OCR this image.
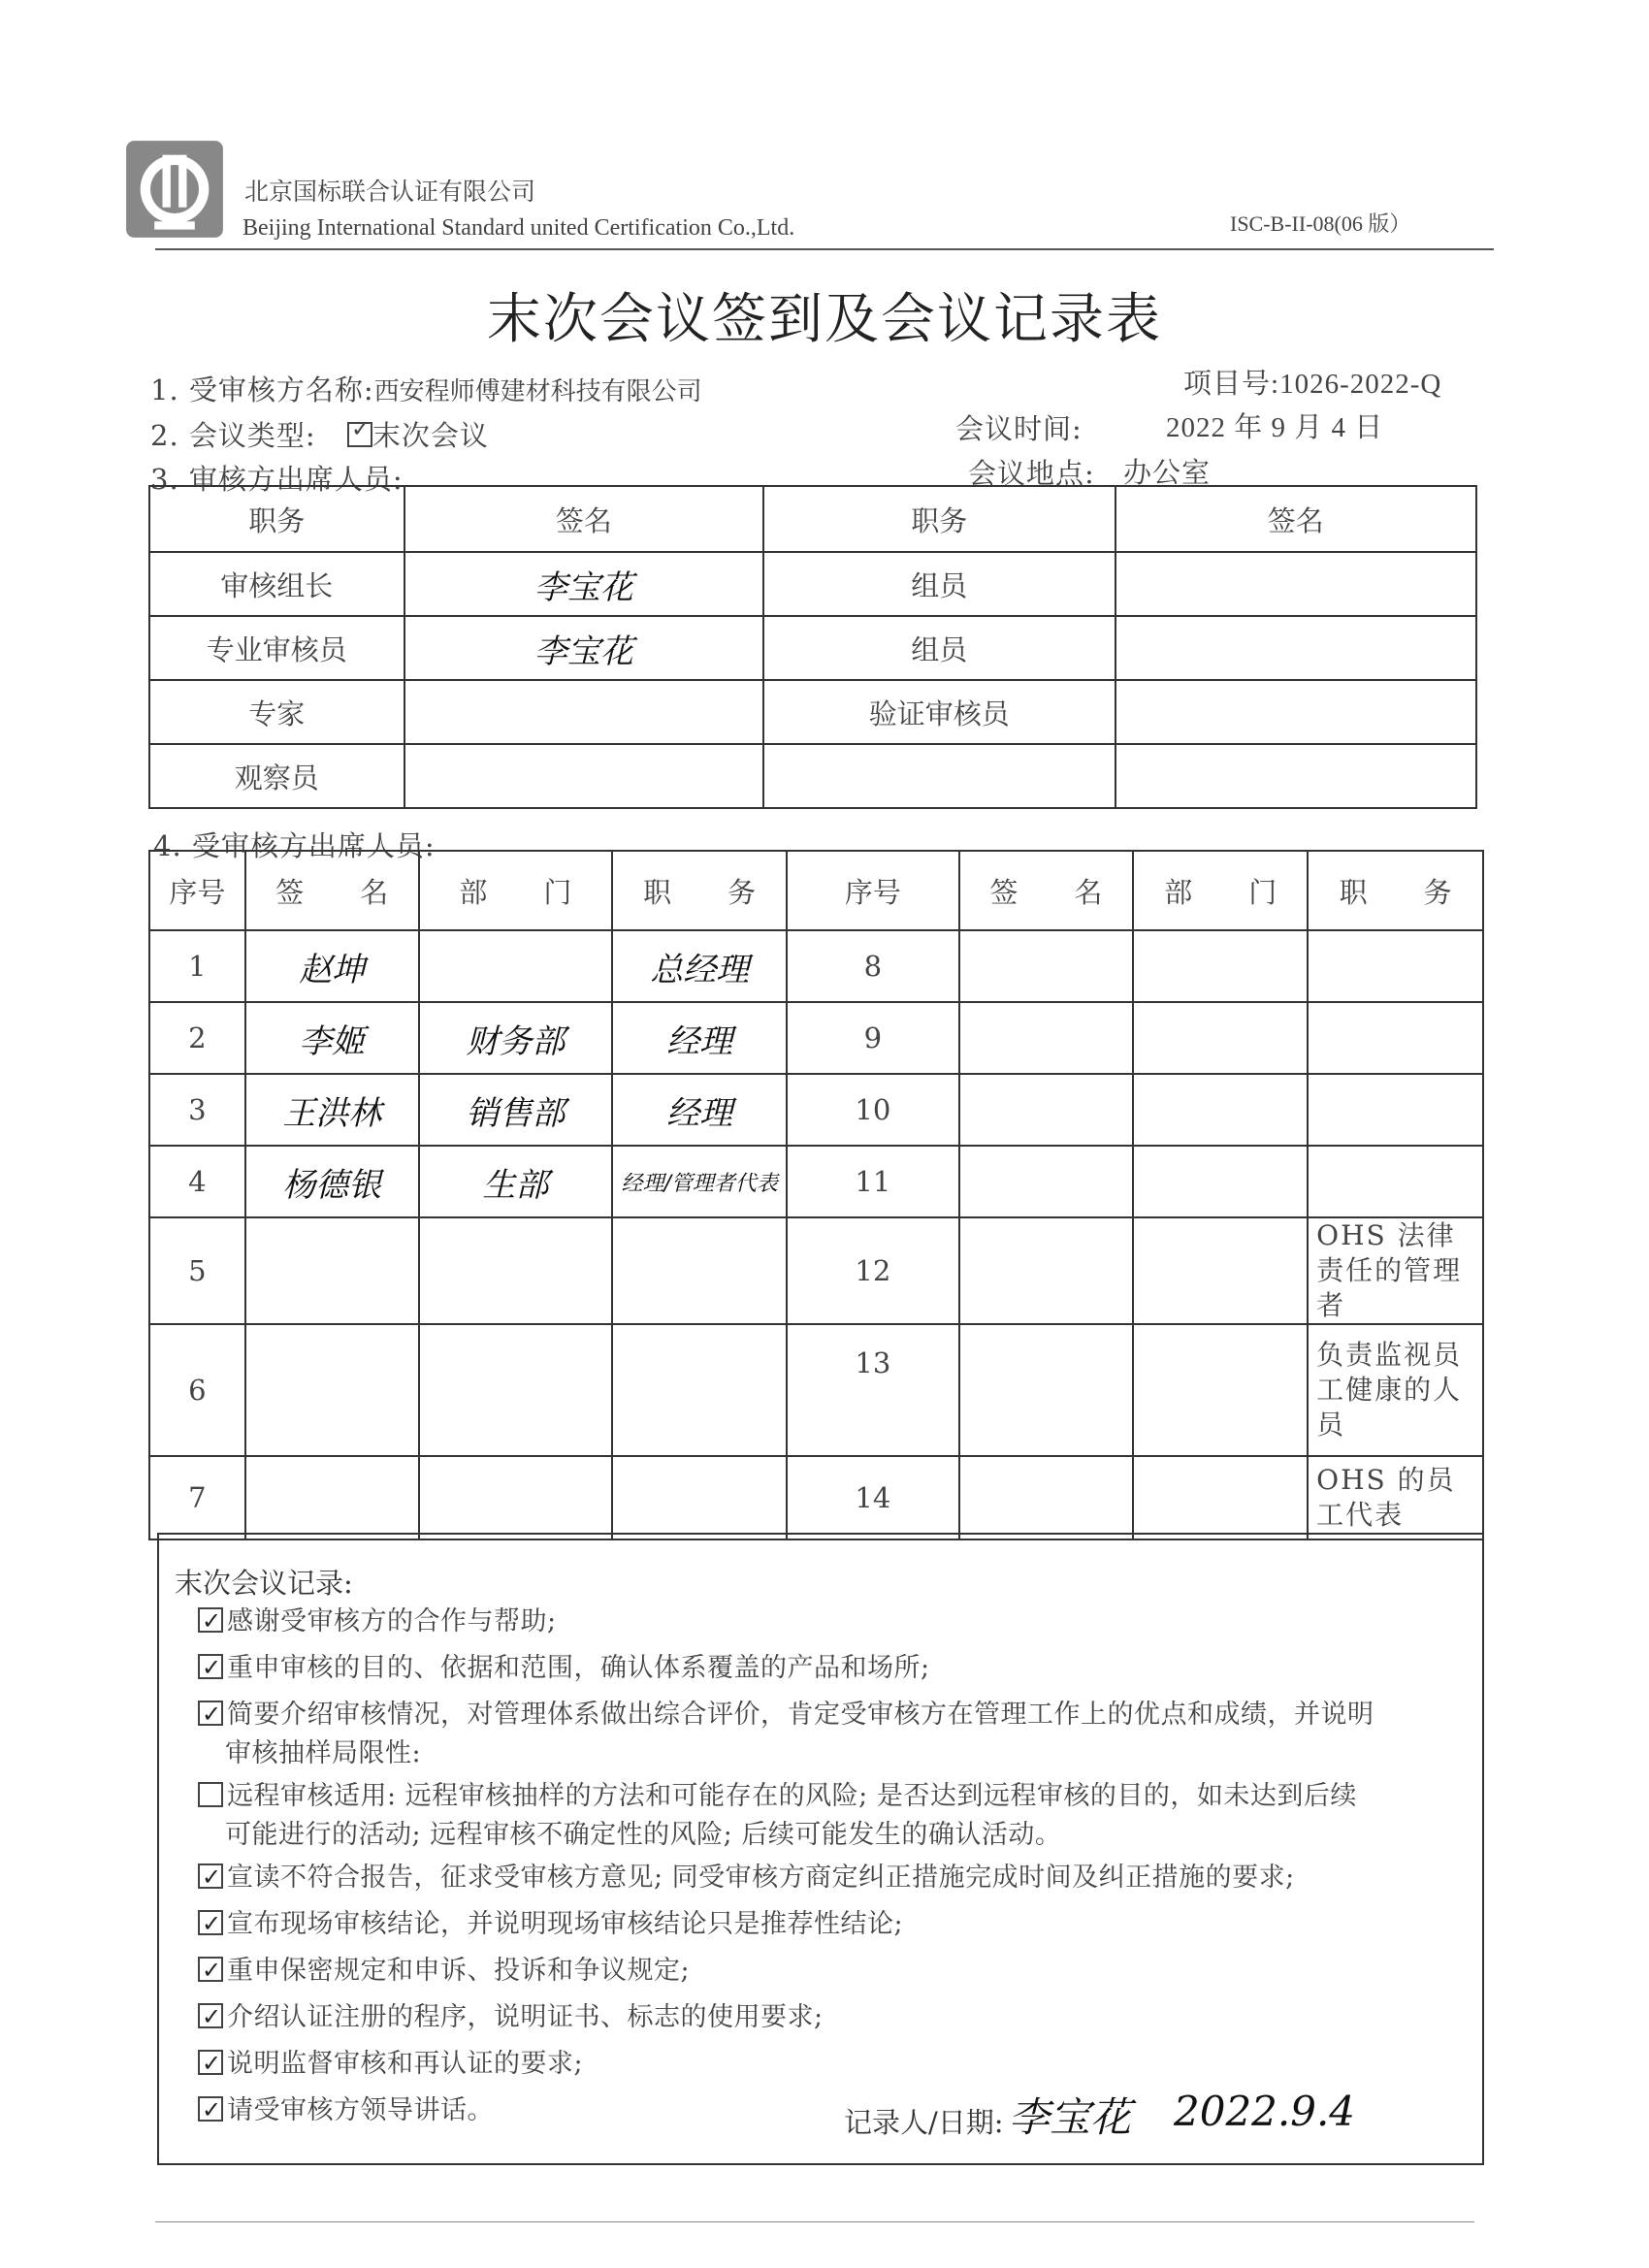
北京国标联合认证有限公司
Beijing International Standard united Certification Co.,Ltd.	ISC-B-II-08(06 版）
末次会议签到及会议记录表
1. 受审核方名称:西安程师傅建材科技有限公司	项目号:1026-2022-Q
2. 会议类型: ✓ 末次会议	会议时间:	2022 年 9 月 4 日
3. 审核方出席人员:	会议地点: 办公室
职务	签名	职务	签名
审核组长	李宝花	组员	
专业审核员	李宝花	组员	
专家		验证审核员	
观察员			
4. 受审核方出席人员:
序号	签　　名	部　　门	职　　务	序号	签　　名	部　　门	职　　务
1	赵坤		总经理	8			
2	李姬	财务部	经理	9			
3	王洪林	销售部	经理	10			
4	杨德银	生部	经理/管理者代表	11			
5				12			OHS 法律责任的管理者
6				13			负责监视员工健康的人员
7				14			OHS 的员工代表
末次会议记录:
✓感谢受审核方的合作与帮助;
✓重申审核的目的、依据和范围，确认体系覆盖的产品和场所;
✓简要介绍审核情况，对管理体系做出综合评价，肯定受审核方在管理工作上的优点和成绩，并说明
审核抽样局限性:
远程审核适用: 远程审核抽样的方法和可能存在的风险; 是否达到远程审核的目的，如未达到后续
可能进行的活动; 远程审核不确定性的风险; 后续可能发生的确认活动。
✓宣读不符合报告，征求受审核方意见; 同受审核方商定纠正措施完成时间及纠正措施的要求;
✓宣布现场审核结论，并说明现场审核结论只是推荐性结论;
✓重申保密规定和申诉、投诉和争议规定;
✓介绍认证注册的程序，说明证书、标志的使用要求;
✓说明监督审核和再认证的要求;
✓请受审核方领导讲话。	记录人/日期: 李宝花 2022.9.4
